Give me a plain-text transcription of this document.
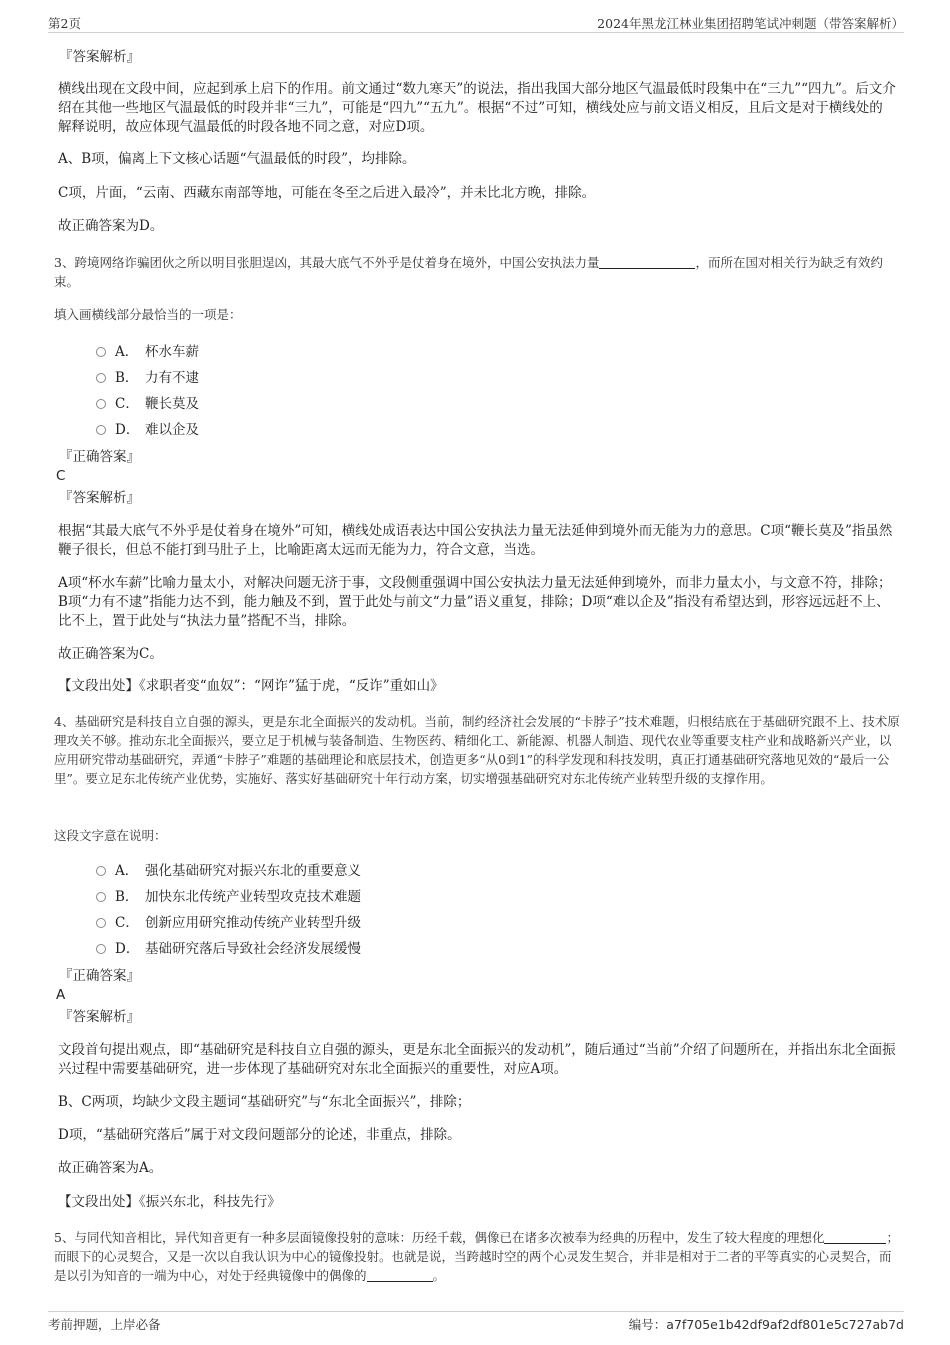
第2页	2024年黑龙江林业集团招聘笔试冲刺题（带答案解析）
『答案解析』
横线出现在文段中间，应起到承上启下的作用。前文通过“数九寒天”的说法，指出我国大部分地区气温最低时段集中在“三九”“四九”。后文介绍在其他一些地区气温最低的时段并非“三九”，可能是“四九”“五九”。根据“不过”可知，横线处应与前文语义相反，且后文是对于横线处的解释说明，故应体现气温最低的时段各地不同之意，对应D项。
A、B项，偏离上下文核心话题“气温最低的时段”，均排除。
C项，片面，“云南、西藏东南部等地，可能在冬至之后进入最冷”，并未比北方晚，排除。
故正确答案为D。
3、跨境网络诈骗团伙之所以明目张胆逞凶，其最大底气不外乎是仗着身在境外，中国公安执法力量	，而所在国对相关行为缺乏有效约束。
填入画横线部分最恰当的一项是：
A． 杯水车薪
B． 力有不逮
C． 鞭长莫及
D． 难以企及
『正确答案』
C
『答案解析』
根据“其最大底气不外乎是仗着身在境外”可知，横线处成语表达中国公安执法力量无法延伸到境外而无能为力的意思。C项“鞭长莫及”指虽然鞭子很长，但总不能打到马肚子上，比喻距离太远而无能为力，符合文意，当选。
A项“杯水车薪”比喻力量太小，对解决问题无济于事，文段侧重强调中国公安执法力量无法延伸到境外，而非力量太小，与文意不符，排除；B项“力有不逮”指能力达不到，能力触及不到，置于此处与前文“力量”语义重复，排除；D项“难以企及”指没有希望达到，形容远远赶不上、比不上，置于此处与“执法力量”搭配不当，排除。
故正确答案为C。
【文段出处】《求职者变“血奴”：“网诈”猛于虎，“反诈”重如山》
4、基础研究是科技自立自强的源头，更是东北全面振兴的发动机。当前，制约经济社会发展的“卡脖子”技术难题，归根结底在于基础研究跟不上、技术原理攻关不够。推动东北全面振兴，要立足于机械与装备制造、生物医药、精细化工、新能源、机器人制造、现代农业等重要支柱产业和战略新兴产业，以应用研究带动基础研究，弄通“卡脖子”难题的基础理论和底层技术，创造更多“从0到1”的科学发现和科技发明，真正打通基础研究落地见效的“最后一公里”。要立足东北传统产业优势，实施好、落实好基础研究十年行动方案，切实增强基础研究对东北传统产业转型升级的支撑作用。
这段文字意在说明：
A． 强化基础研究对振兴东北的重要意义
B． 加快东北传统产业转型攻克技术难题
C． 创新应用研究推动传统产业转型升级
D． 基础研究落后导致社会经济发展缓慢
『正确答案』
A
『答案解析』
文段首句提出观点，即“基础研究是科技自立自强的源头，更是东北全面振兴的发动机”，随后通过“当前”介绍了问题所在，并指出东北全面振兴过程中需要基础研究，进一步体现了基础研究对东北全面振兴的重要性，对应A项。
B、C两项，均缺少文段主题词“基础研究”与“东北全面振兴”，排除；
D项，“基础研究落后”属于对文段问题部分的论述，非重点，排除。
故正确答案为A。
【文段出处】《振兴东北，科技先行》
5、与同代知音相比，异代知音更有一种多层面镜像投射的意味：历经千载，偶像已在诸多次被奉为经典的历程中，发生了较大程度的理想化	；而眼下的心灵契合，又是一次以自我认识为中心的镜像投射。也就是说，当跨越时空的两个心灵发生契合，并非是相对于二者的平等真实的心灵契合，而是以引为知音的一端为中心，对处于经典镜像中的偶像的	。
考前押题，上岸必备	编号：a7f705e1b42df9af2df801e5c727ab7d
